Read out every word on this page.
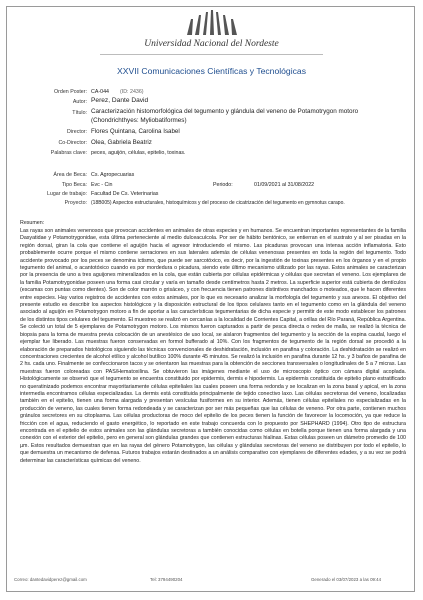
Universidad Nacional del Nordeste
XXVII Comunicaciones Científicas y Tecnológicas
Orden Poster: CA-044 (ID: 2436)
Autor: Perez, Dante David
Título: Caracterización histomorfológica del tegumento y glándula del veneno de Potamotrygon motoro
(Chondrichthyes: Myliobatiformes)
Director: Flores Quintana, Carolina Isabel
Co-Director: Olea, Gabriela Beatriz
Palabras clave: peces, aguijón, células, epitelio, toxinas.
Área de Beca: Cs. Agropecuarias
Tipo Beca: Evc - Cin	Periodo:	01/09/2021 al 31/08/2022
Lugar de trabajo: Facultad De Cs. Veterinarias
Proyecto: (18B005) Aspectos estructurales, histoquímicos y del proceso de cicatrización del tegumento en gymnotus carapo.
Resumen:
Las rayas son animales venenosos que provocan accidentes en animales de otras especies y en humanos. Se encuentran importantes representantes de la familia Dasyatidae y Potamotrygonidae, esta última perteneciente al medio dulceacuícola. Por ser de hábito bentónico, se entierran en el sustrato y al ser pisadas en la región dorsal, giran la cola que contiene el aguijón hacia el agresor introduciendo el mismo. Las picaduras provocan una intensa acción inflamatoria. Esto probablemente ocurre porque el mismo contiene serraciones en sus laterales además de células venenosas presentes en toda la región del tegumento. Todo accidente provocado por los peces se denomina ictismo, que puede ser sarcotóxico, es decir, por la ingestión de toxinas presentes en los órganos y en el propio tegumento del animal, o acantotóxico cuando es por mordedura o picadura, siendo este último mecanismo utilizado por las rayas. Estos animales se caracterizan por la presencia de uno a tres aguijones mineralizados en la cola, que están cubierta por células epidérmicas y células que secretan el veneno. Los ejemplares de la familia Potamotrygonidae poseen una forma casi circular y varía en tamaño desde centímetros hasta 2 metros. La superficie superior está cubierta de dentículos (escamas con puntas como dientes). Son de color marrón o grisáceo, y con frecuencia tienen patrones distintivos manchados o moteados, que le hacen diferentes entre especies. Hay varios registros de accidentes con estos animales, por lo que es necesario analizar la morfología del tegumento y sus anexos. El objetivo del presente estudio es describir los aspectos histológicos y la disposición estructural de los tipos celulares tanto en el tegumento como en la glándula del veneno asociado al aguijón en Potamotrygon motoro a fin de aportar a las características tegumentarias de dicha especie y permitir de este modo establecer los patrones de los distintos tipos celulares del tegumento. El muestreo se realizó en cercanías a la localidad de Corrientes Capital, a orillas del Río Paraná, República Argentina. Se colectó un total de 5 ejemplares de Potamotrygon motoro. Los mismos fueron capturados a partir de pesca directa o redes de malla, se realizó la técnica de biopsia para la toma de muestra previa colocación de un anestésico de uso local, se aislaron fragmentos del tegumento y la sección de la espina caudal, luego el ejemplar fue liberado. Las muestras fueron conservadas en formol bufferado al 10%. Con los fragmentos de tegumento de la región dorsal se procedió a la elaboración de preparados histológicos siguiendo las técnicas convencionales de deshidratación, inclusión en parafina y coloración. La deshidratación se realizó en concentraciones crecientes de alcohol etílico y alcohol butílico 100% durante 45 minutos. Se realizó la inclusión en parafina durante 12 hs. y 3 baños de parafina de 2 hs. cada uno. Finalmente se confeccionaron tacos y se orientaron las muestras para la obtención de secciones transversales o longitudinales de 5 a 7 micras. Las muestras fueron coloreadas con PAS/Hematoxilina. Se obtuvieron las imágenes mediante el uso de microscopio óptico con cámara digital acoplada. Histológicamente se observó que el tegumento se encuentra constituido por epidermis, dermis e hipodermis. La epidermis constituida de epitelio plano estratificado no queratinizado podemos encontrar mayoritariamente células epiteliales las cuales poseen una forma redonda y se localizan en la zona basal y apical, en la zona intermedia encontramos células especializadas. La dermis está constituida principalmente de tejido conectivo laxo. Las células secretoras del veneno, localizadas también en el epitelio, tienen una forma alargada y presentan vesículas fusiformes en su interior. Además, tienen células epiteliales no especializadas en la producción de veneno, las cuales tienen forma redondeada y se caracterizan por ser más pequeñas que las células de veneno. Por otra parte, contienen muchos gránulos secretores en su citoplasma. Las células productoras de moco del epitelio de los peces tienen la función de favorecer la locomoción, ya que reduce la fricción con el agua, reduciendo el gasto energético, lo reportado en este trabajo concuerda con lo propuesto por SHEPHARD (1994). Otro tipo de estructura encontrada en el epitelio de estos animales son las glándulas secretoras a también conocidas como células en botella porque tienen una forma alargada y una conexión con el exterior del epitelio, pero en general son glándulas grandes que contienen estructuras hialinas. Estas células poseen un diámetro promedio de 100 µm. Estos resultados demuestran que en las rayas del género Potamotrygon, las células y glándulas secretoras del veneno se distribuyen por todo el epitelio, lo que demuestra un mecanismo de defensa. Futuros trabajos estarán destinados a un análisis comparativo con ejemplares de diferentes edades, y a su vez se podrá determinar las características químicas del veneno.
Correo: dantedavidperez@gmail.com	Tel: 3794490204	Generado el 03/07/2023 a las 09:44
